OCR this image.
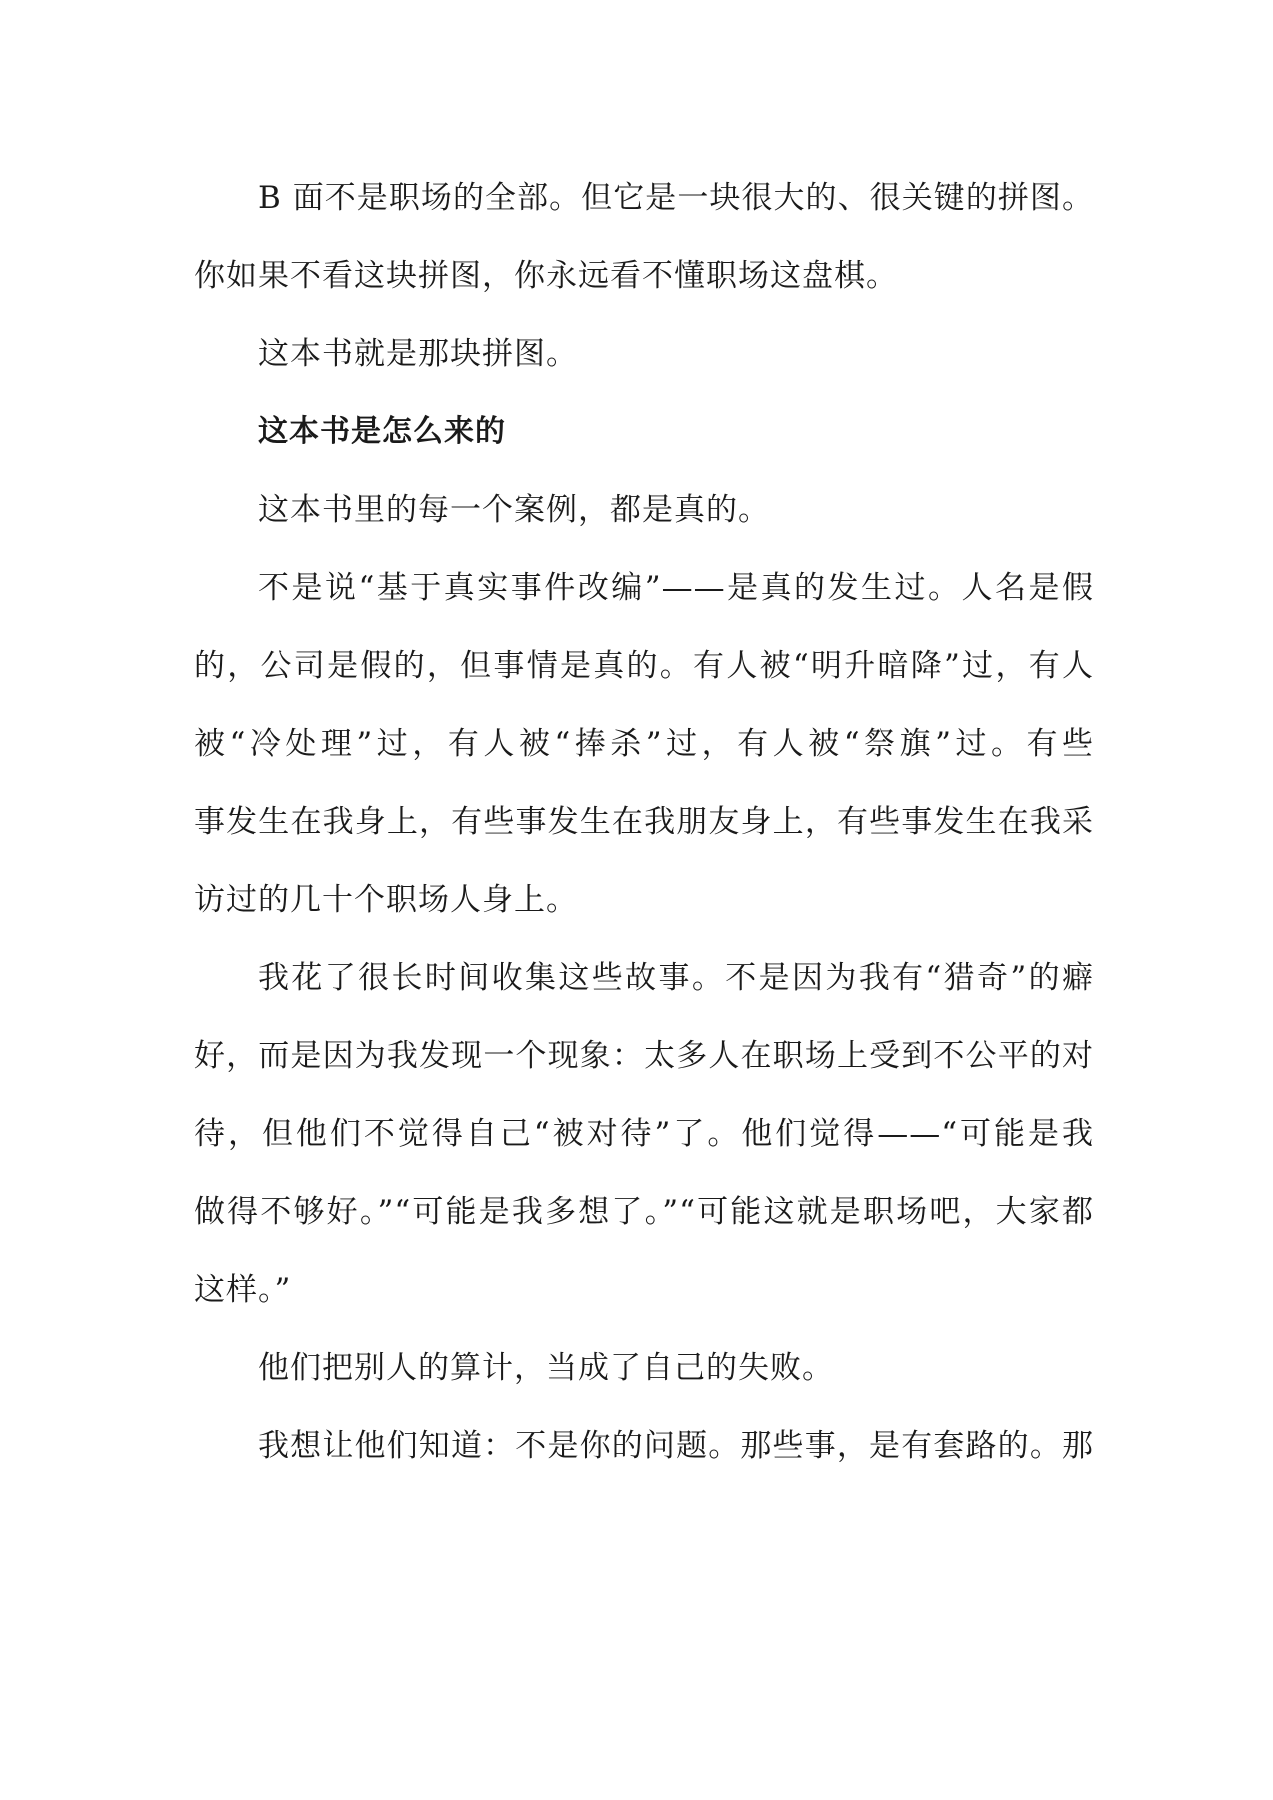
B 面不是职场的全部。但它是一块很大的、很关键的拼图。
你如果不看这块拼图，你永远看不懂职场这盘棋。
这本书就是那块拼图。
这本书是怎么来的
这本书里的每一个案例，都是真的。
不是说“基于真实事件改编”——是真的发生过。人名是假
的，公司是假的，但事情是真的。有人被“明升暗降”过，有人
被“冷处理”过，有人被“捧杀”过，有人被“祭旗”过。有些
事发生在我身上，有些事发生在我朋友身上，有些事发生在我采
访过的几十个职场人身上。
我花了很长时间收集这些故事。不是因为我有“猎奇”的癖
好，而是因为我发现一个现象：太多人在职场上受到不公平的对
待，但他们不觉得自己“被对待”了。他们觉得——“可能是我
做得不够好。”“可能是我多想了。”“可能这就是职场吧，大家都
这样。”
他们把别人的算计，当成了自己的失败。
我想让他们知道：不是你的问题。那些事，是有套路的。那
